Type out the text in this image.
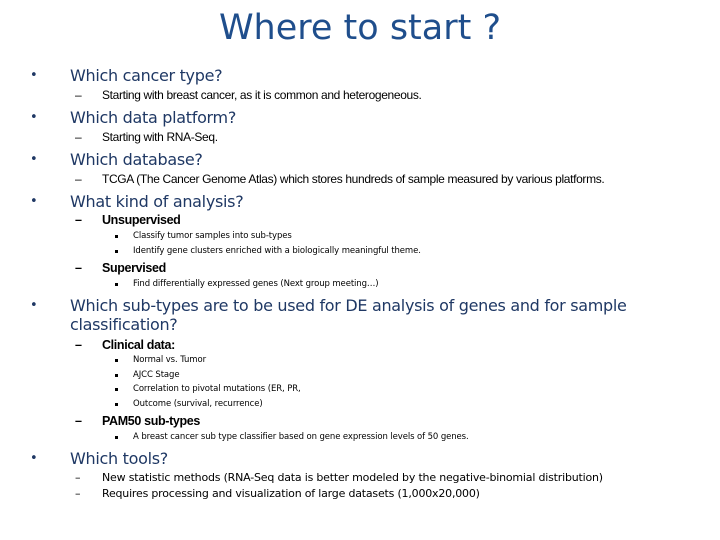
Where to start ?
• Which cancer type?
– Starting with breast cancer, as it is common and heterogeneous.
• Which data platform?
– Starting with RNA-Seq.
• Which database?
– TCGA (The Cancer Genome Atlas) which stores hundreds of sample measured by various platforms.
• What kind of analysis?
– Unsupervised
Classify tumor samples into sub-types
Identify gene clusters enriched with a biologically meaningful theme.
– Supervised
Find differentially expressed genes (Next group meeting…)
• Which sub-types are to be used for DE analysis of genes and for sample classification?
– Clinical data:
Normal vs. Tumor
AJCC Stage
Correlation to pivotal mutations (ER, PR,
Outcome (survival, recurrence)
– PAM50 sub-types
A breast cancer sub type classifier based on gene expression levels of 50 genes.
• Which tools?
– New statistic methods (RNA-Seq data is better modeled by the negative-binomial distribution)
– Requires processing and visualization of large datasets (1,000x20,000)
